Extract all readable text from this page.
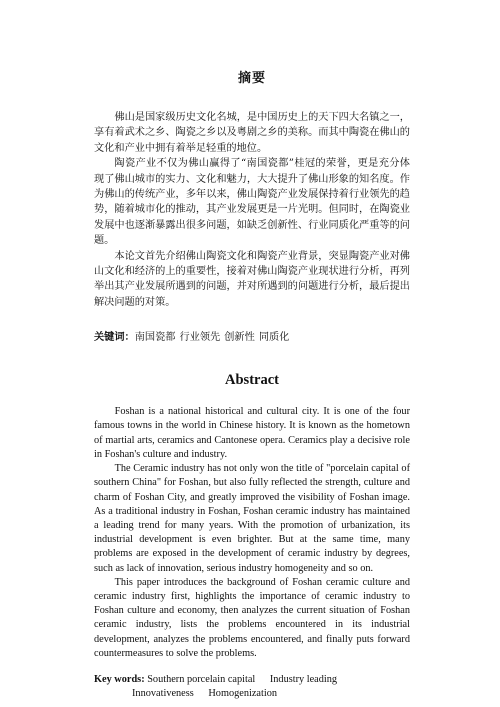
摘要

佛山是国家级历史文化名城，是中国历史上的天下四大名镇之一，享有着武术之乡、陶瓷之乡以及粤剧之乡的美称。而其中陶瓷在佛山的文化和产业中拥有着举足轻重的地位。

陶瓷产业不仅为佛山赢得了“南国瓷都”桂冠的荣誉，更是充分体现了佛山城市的实力、文化和魅力，大大提升了佛山形象的知名度。作为佛山的传统产业，多年以来，佛山陶瓷产业发展保持着行业领先的趋势，随着城市化的推动，其产业发展更是一片光明。但同时，在陶瓷业发展中也逐渐暴露出很多问题，如缺乏创新性、行业同质化严重等的问题。

本论文首先介绍佛山陶瓷文化和陶瓷产业背景，突显陶瓷产业对佛山文化和经济的上的重要性，接着对佛山陶瓷产业现状进行分析，再列举出其产业发展所遇到的问题，并对所遇到的问题进行分析，最后提出解决问题的对策。

关键词：南国瓷都 行业领先 创新性 同质化
Abstract

Foshan is a national historical and cultural city. It is one of the four famous towns in the world in Chinese history. It is known as the hometown of martial arts, ceramics and Cantonese opera. Ceramics play a decisive role in Foshan's culture and industry.

The Ceramic industry has not only won the title of "porcelain capital of southern China" for Foshan, but also fully reflected the strength, culture and charm of Foshan City, and greatly improved the visibility of Foshan image. As a traditional industry in Foshan, Foshan ceramic industry has maintained a leading trend for many years. With the promotion of urbanization, its industrial development is even brighter. But at the same time, many problems are exposed in the development of ceramic industry by degrees, such as lack of innovation, serious industry homogeneity and so on.

This paper introduces the background of Foshan ceramic culture and ceramic industry first, highlights the importance of ceramic industry to Foshan culture and economy, then analyzes the current situation of Foshan ceramic industry, lists the problems encountered in its industrial development, analyzes the problems encountered, and finally puts forward countermeasures to solve the problems.

Key words: Southern porcelain capital Industry leading Innovativeness Homogenization
